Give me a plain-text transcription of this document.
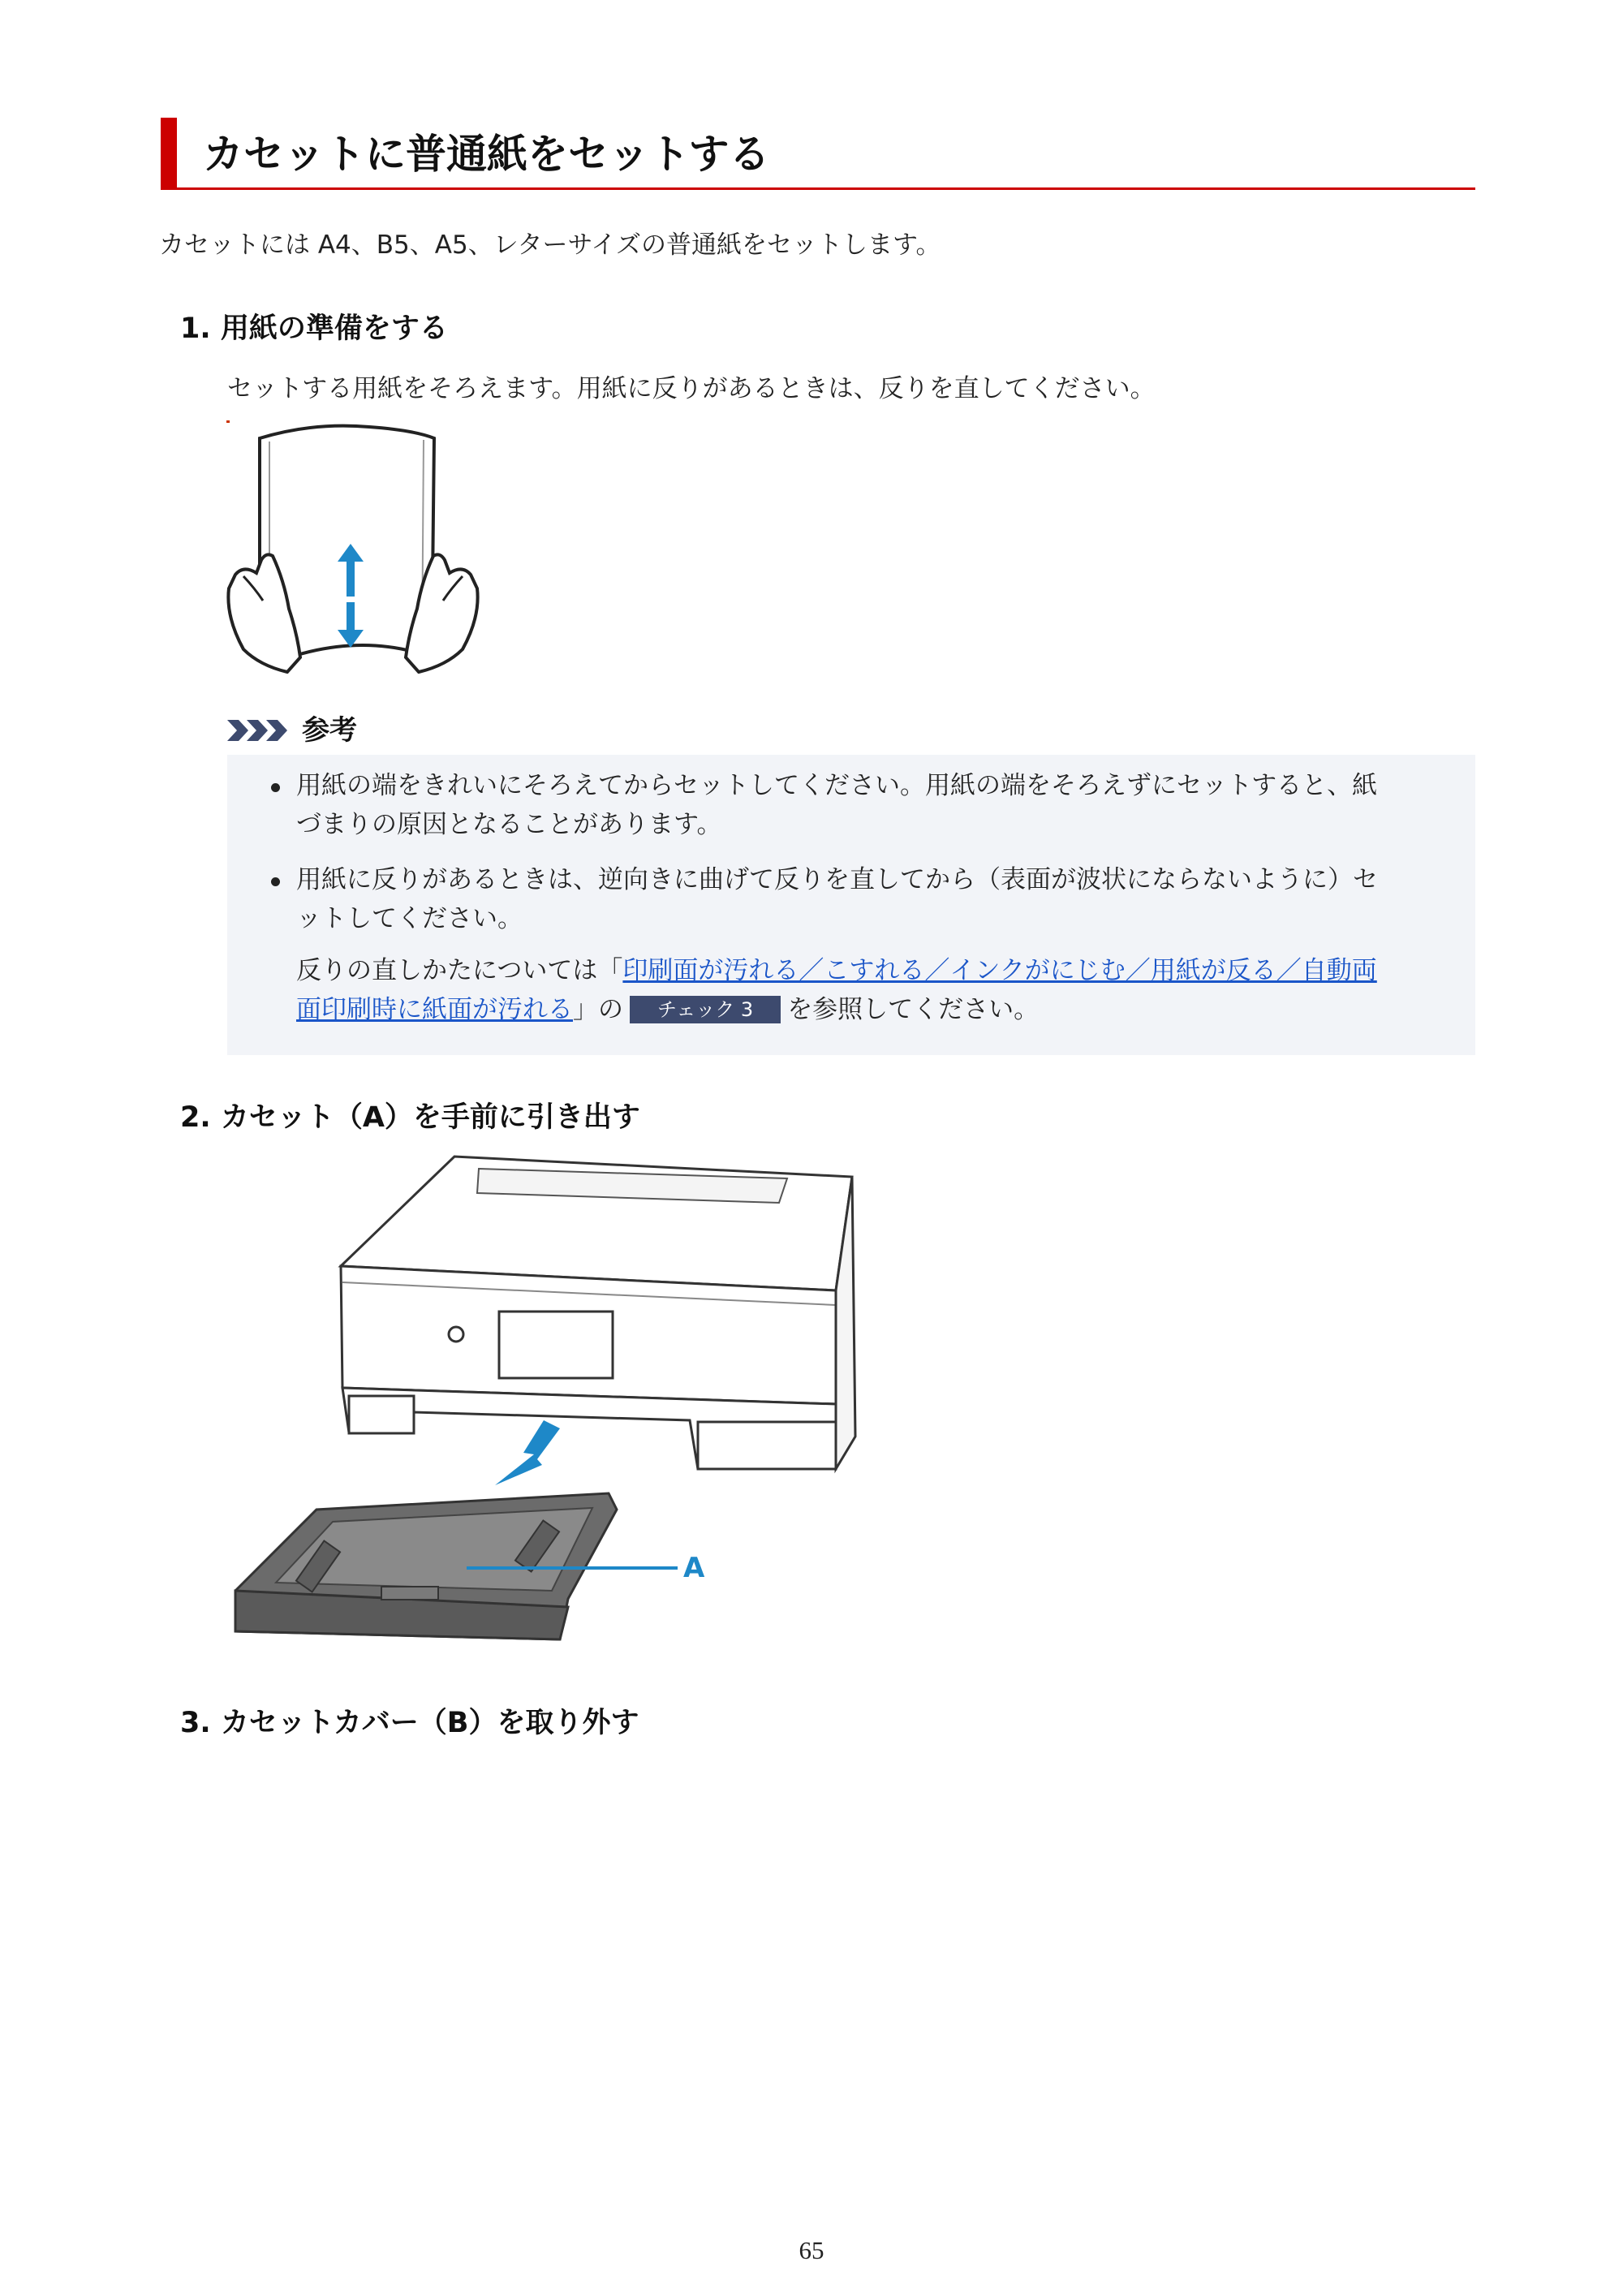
カセットに普通紙をセットする
カセットには A4、B5、A5、レターサイズの普通紙をセットします。
1. 用紙の準備をする
セットする用紙をそろえます。用紙に反りがあるときは、反りを直してください。
参考
用紙の端をきれいにそろえてからセットしてください。用紙の端をそろえずにセットすると、紙
づまりの原因となることがあります。
用紙に反りがあるときは、逆向きに曲げて反りを直してから（表面が波状にならないように）セ
ットしてください。
反りの直しかたについては「印刷面が汚れる／こすれる／インクがにじむ／用紙が反る／自動両
面印刷時に紙面が汚れる」の チェック 3 を参照してください。
2. カセット（A）を手前に引き出す
A
3. カセットカバー（B）を取り外す
65
